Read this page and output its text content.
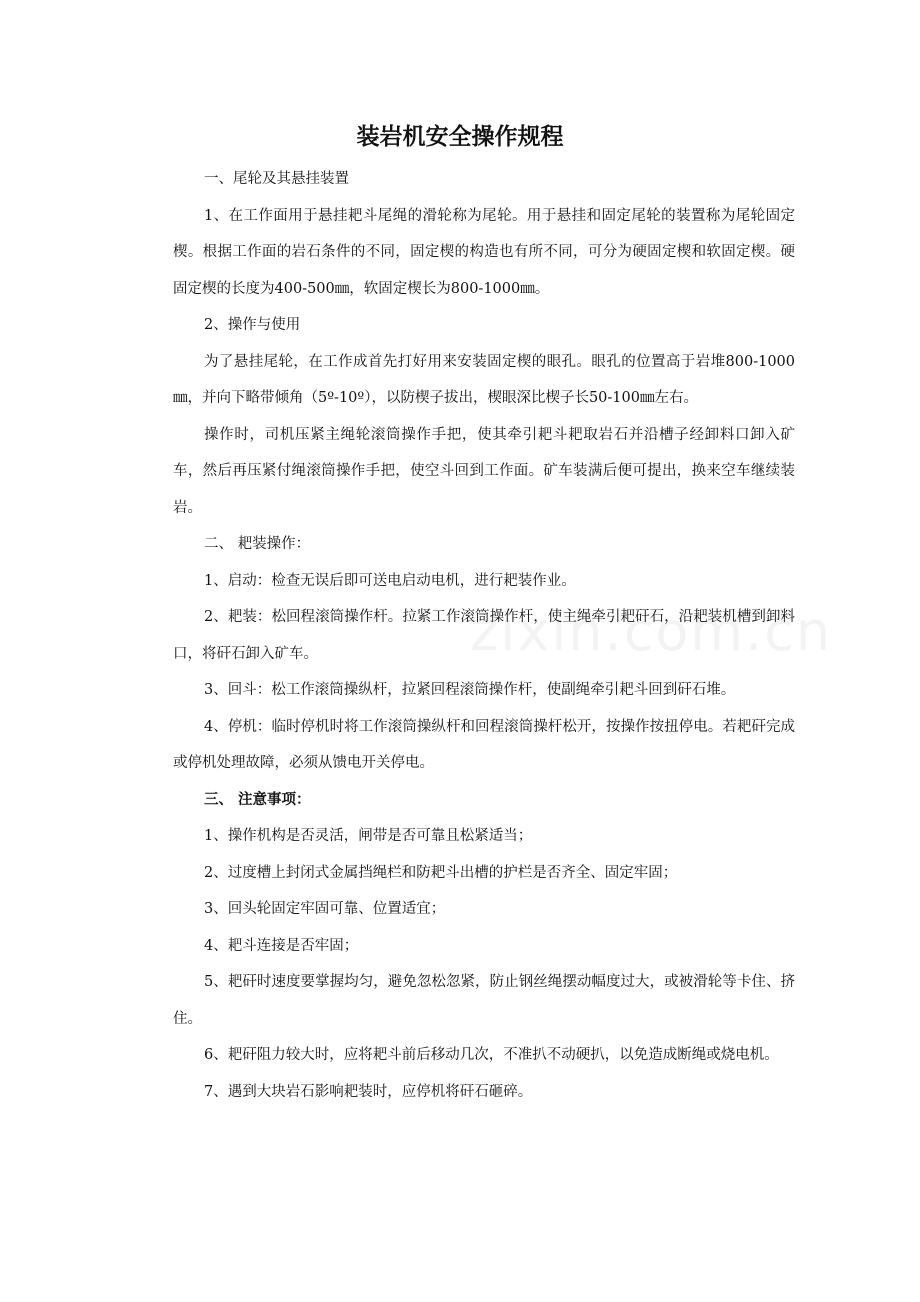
装岩机安全操作规程

一、尾轮及其悬挂装置

1、在工作面用于悬挂耙斗尾绳的滑轮称为尾轮。用于悬挂和固定尾轮的装置称为尾轮固定楔。根据工作面的岩石条件的不同，固定楔的构造也有所不同，可分为硬固定楔和软固定楔。硬固定楔的长度为400-500㎜，软固定楔长为800-1000㎜。

2、操作与使用

为了悬挂尾轮，在工作成首先打好用来安装固定楔的眼孔。眼孔的位置高于岩堆800-1000㎜，并向下略带倾角（5º-10º），以防楔子拔出，楔眼深比楔子长50-100㎜左右。

操作时，司机压紧主绳轮滚筒操作手把，使其牵引耙斗耙取岩石并沿槽子经卸料口卸入矿车，然后再压紧付绳滚筒操作手把，使空斗回到工作面。矿车装满后便可提出，换来空车继续装岩。

二、 耙装操作：

1、启动：检查无误后即可送电启动电机，进行耙装作业。

2、耙装：松回程滚筒操作杆。拉紧工作滚筒操作杆，使主绳牵引耙矸石，沿耙装机槽到卸料口，将矸石卸入矿车。

3、回斗：松工作滚筒操纵杆，拉紧回程滚筒操作杆，使副绳牵引耙斗回到矸石堆。

4、停机：临时停机时将工作滚筒操纵杆和回程滚筒操杆松开，按操作按扭停电。若耙矸完成或停机处理故障，必须从馈电开关停电。

三、 注意事项：

1、操作机构是否灵活，闸带是否可靠且松紧适当；

2、过度槽上封闭式金属挡绳栏和防耙斗出槽的护栏是否齐全、固定牢固；

3、回头轮固定牢固可靠、位置适宜；

4、耙斗连接是否牢固；

5、耙矸时速度要掌握均匀，避免忽松忽紧，防止钢丝绳摆动幅度过大，或被滑轮等卡住、挤住。

6、耙矸阻力较大时，应将耙斗前后移动几次，不准扒不动硬扒，以免造成断绳或烧电机。

7、遇到大块岩石影响耙装时，应停机将矸石砸碎。
